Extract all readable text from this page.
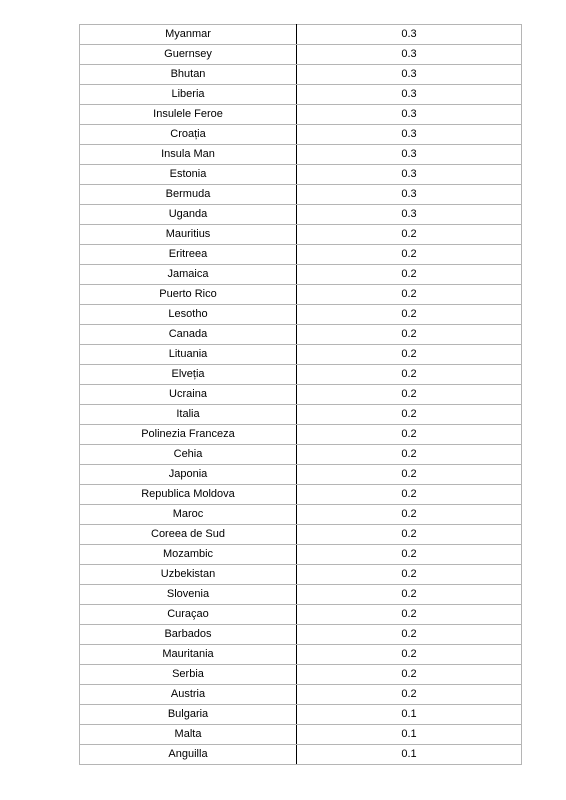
Myanmar	0.3
Guernsey	0.3
Bhutan	0.3
Liberia	0.3
Insulele Feroe	0.3
Croația	0.3
Insula Man	0.3
Estonia	0.3
Bermuda	0.3
Uganda	0.3
Mauritius	0.2
Eritreea	0.2
Jamaica	0.2
Puerto Rico	0.2
Lesotho	0.2
Canada	0.2
Lituania	0.2
Elveția	0.2
Ucraina	0.2
Italia	0.2
Polinezia Franceza	0.2
Cehia	0.2
Japonia	0.2
Republica Moldova	0.2
Maroc	0.2
Coreea de Sud	0.2
Mozambic	0.2
Uzbekistan	0.2
Slovenia	0.2
Curaçao	0.2
Barbados	0.2
Mauritania	0.2
Serbia	0.2
Austria	0.2
Bulgaria	0.1
Malta	0.1
Anguilla	0.1
